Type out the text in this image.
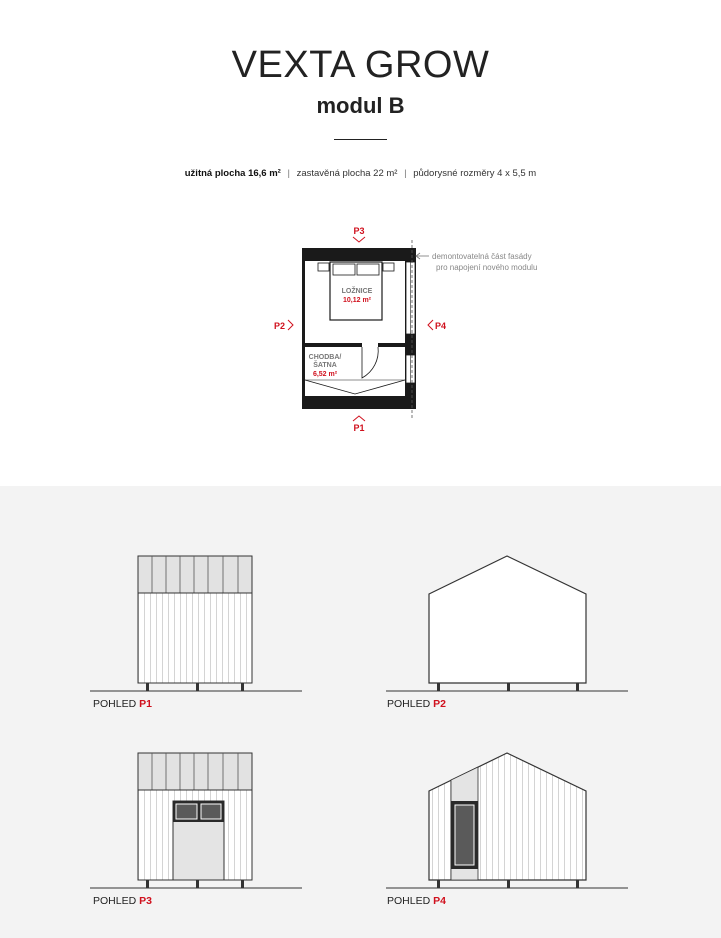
VEXTA GROW
modul B
užitná plocha 16,6 m² | zastavěná plocha 22 m² | půdorysné rozměry 4 x 5,5 m
LOŽNICE
10,12 m²
CHODBA/
ŠATNA
6,52 m²
P3
P1
P2	P4
demontovatelná část fasády
pro napojení nového modulu
POHLED P1	POHLED P2
POHLED P3	POHLED P4
